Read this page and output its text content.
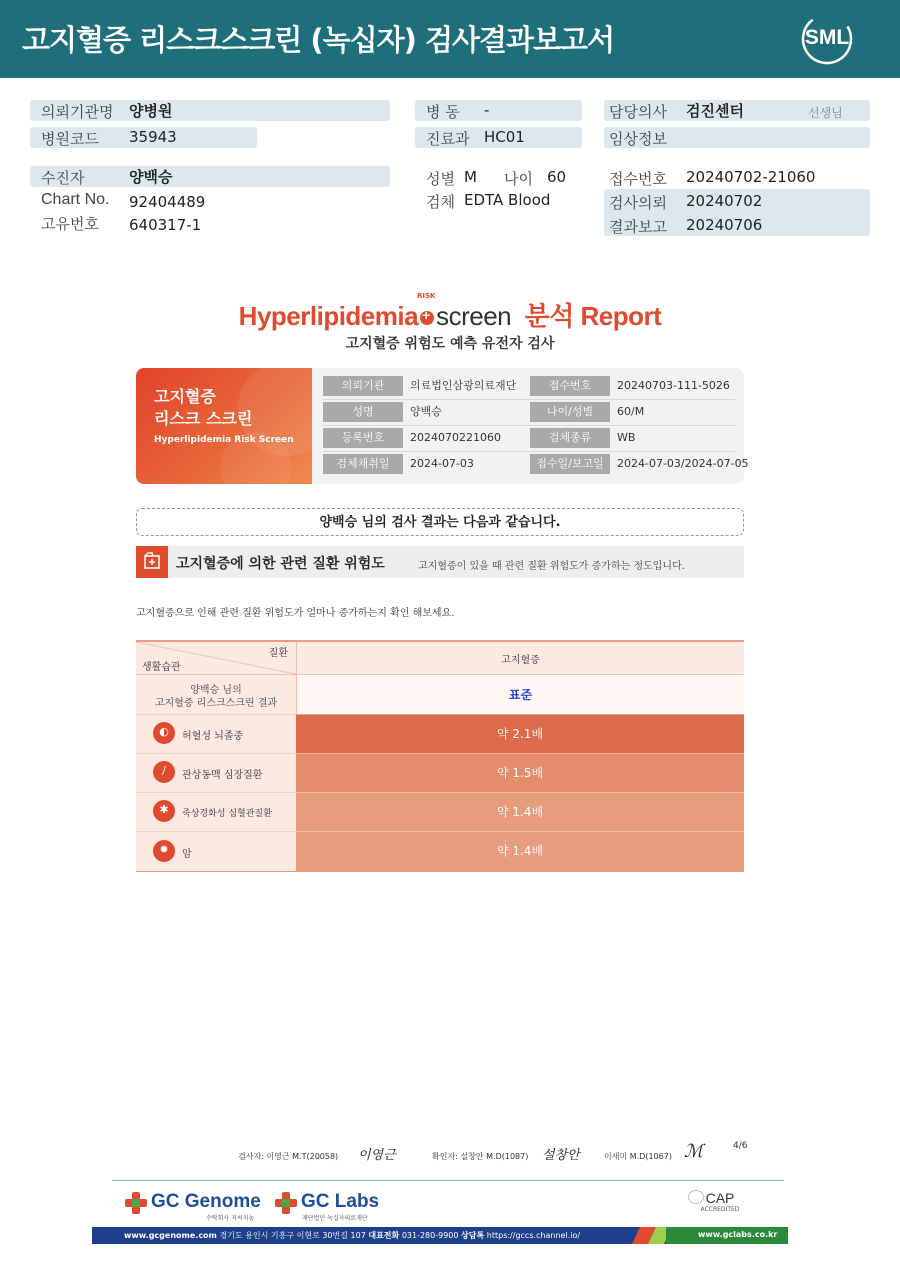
고지혈증 리스크스크린 (녹십자) 검사결과보고서	SML
의뢰기관명 양병원
병원코드 35943
병 동 -
진료과 HC01
담당의사 검진센터	선생님
임상정보
수진자	양백승
Chart No. 92404489
고유번호 640317-1
성별 M 나이 60
검체 EDTA Blood
접수번호 20240702-21060
검사의뢰 20240702
결과보고 20240706
Hyperlipidemia+ screen 분석 Report
RISK
고지혈증 위험도 예측 유전자 검사
고지혈증
리스크 스크린
Hyperlipidemia Risk Screen
의뢰기관	의료법인삼광의료재단	접수번호	20240703-111-5026
성명	양백승	나이/성별	60/M
등록번호	2024070221060	검체종류	WB
검체채취일	2024-07-03	접수일/보고일	2024-07-03/2024-07-05
양백승 님의 검사 결과는 다음과 같습니다.
고지혈증에 의한 관련 질환 위험도	고지혈증이 있을 때 관련 질환 위험도가 증가하는 정도입니다.
고지혈증으로 인해 관련 질환 위험도가 얼마나 증가하는지 확인 해보세요.
질환
생활습관
고지혈증
양백승 님의
고지혈증 리스크스크린 결과
표준
◐	허혈성 뇌졸중	약 2.1배
∕	관상동맥 심장질환	약 1.5배
✱	죽상경화성 심혈관질환	약 1.4배
✹	암	약 1.4배
검사자: 이영근 M.T(20058) 이영근	확인자: 설창안 M.D(1087) 설창안	이새미 M.D(1067) ℳ	4/6
GC Genome
수탁회사 지씨지놈
GC Labs
재단법인 녹십자의료재단
CAP
ACCREDITED
www.gcgenome.com 경기도 용인시 기흥구 이현로 30번길 107 대표전화 031-280-9900 상담톡 https://gccs.channel.io/	www.gclabs.co.kr
